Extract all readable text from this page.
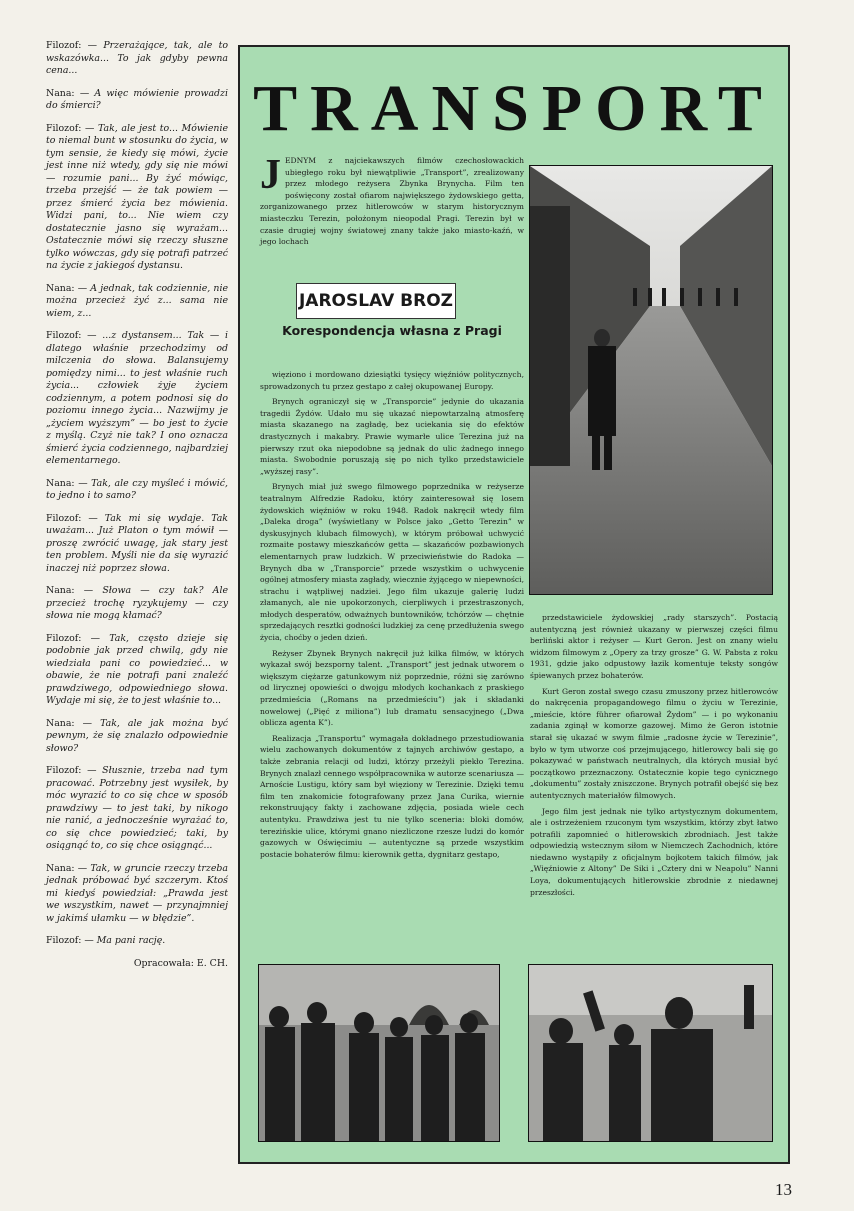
Filozof: — Przerażające, tak, ale to wskazówka... To jak gdyby pewna cena...

Nana: — A więc mówienie prowadzi do śmierci?

Filozof: — Tak, ale jest to... Mówienie to niemal bunt w stosunku do życia, w tym sensie, że kiedy się mówi, życie jest inne niż wtedy, gdy się nie mówi — rozumie pani... By żyć mówiąc, trzeba przejść — że tak powiem — przez śmierć życia bez mówienia. Widzi pani, to... Nie wiem czy dostatecznie jasno się wyrażam... Ostatecznie mówi się rzeczy słuszne tylko wówczas, gdy się potrafi patrzeć na życie z jakiegoś dystansu.

Nana: — A jednak, tak codziennie, nie można przecież żyć z... sama nie wiem, z...

Filozof: — ...z dystansem... Tak — i dlatego właśnie przechodzimy od milczenia do słowa. Balansujemy pomiędzy nimi... to jest właśnie ruch życia... człowiek żyje życiem codziennym, a potem podnosi się do poziomu innego życia... Nazwijmy je „życiem wyższym” — bo jest to życie z myślą. Czyż nie tak? I ono oznacza śmierć życia codziennego, najbardziej elementarnego.

Nana: — Tak, ale czy myśleć i mówić, to jedno i to samo?

Filozof: — Tak mi się wydaje. Tak uważam... Już Platon o tym mówił — proszę zwrócić uwagę, jak stary jest ten problem. Myśli nie da się wyrazić inaczej niż poprzez słowa.

Nana: — Słowa — czy tak? Ale przecież trochę ryzykujemy — czy słowa nie mogą kłamać?

Filozof: — Tak, często dzieje się podobnie jak przed chwilą, gdy nie wiedziała pani co powiedzieć... w obawie, że nie potrafi pani znaleźć prawdziwego, odpowiedniego słowa. Wydaje mi się, że to jest właśnie to...

Nana: — Tak, ale jak można być pewnym, że się znalazło odpowiednie słowo?

Filozof: — Słusznie, trzeba nad tym pracować. Potrzebny jest wysiłek, by móc wyrazić to co się chce w sposób prawdziwy — to jest taki, by nikogo nie ranić, a jednocześnie wyrażać to, co się chce powiedzieć; taki, by osiągnąć to, co się chce osiągnąć...

Nana: — Tak, w gruncie rzeczy trzeba jednak próbować być szczerym. Ktoś mi kiedyś powiedział: „Prawda jest we wszystkim, nawet — przynajmniej w jakimś ułamku — w błędzie”.

Filozof: — Ma pani rację.

Opracowała: E. CH.
TRANSPORT
JEDNYM z najciekawszych filmów czechosłowackich ubiegłego roku był niewątpliwie „Transport”, zrealizowany przez młodego reżysera Zbynka Brynycha. Film ten poświęcony został ofiarom największego żydowskiego getta, zorganizowanego przez hitlerowców w starym historycznym miasteczku Terezin, położonym nieopodal Pragi. Terezin był w czasie drugiej wojny światowej znany także jako miasto-kaźń, w jego lochach
JAROSLAV BROZ
Korespondencja własna z Pragi

więziono i mordowano dziesiątki tysięcy więźniów politycznych, sprowadzonych tu przez gestapo z całej okupowanej Europy.

Brynych ograniczył się w „Transporcie” jedynie do ukazania tragedii Żydów. Udało mu się ukazać niepowtarzalną atmosferę miasta skazanego na zagładę, bez uciekania się do efektów drastycznych i makabry. Prawie wymarłe ulice Terezina już na pierwszy rzut oka niepodobne są jednak do ulic żadnego innego miasta. Swobodnie poruszają się po nich tylko przedstawiciele „wyższej rasy”.

Brynych miał już swego filmowego poprzednika w reżyserze teatralnym Alfredzie Radoku, który zainteresował się losem żydowskich więźniów w roku 1948. Radok nakręcił wtedy film „Daleka droga” (wyświetlany w Polsce jako „Getto Terezin” w dyskusyjnych klubach filmowych), w którym próbował uchwycić rozmaite postawy mieszkańców getta — skazańców pozbawionych elementarnych praw ludzkich. W przeciwieństwie do Radoka — Brynych dba w „Transporcie” przede wszystkim o uchwycenie ogólnej atmosfery miasta zagłady, wiecznie żyjącego w niepewności, strachu i wątpliwej nadziei. Jego film ukazuje galerię ludzi złamanych, ale nie upokorzonych, cierpliwych i przestraszonych, młodych desperatów, odważnych buntowników, tchórzów — chętnie sprzedających resztki godności ludzkiej za cenę przedłużenia swego życia, choćby o jeden dzień.

Reżyser Zbynek Brynych nakręcił już kilka filmów, w których wykazał swój bezsporny talent. „Transport” jest jednak utworem o większym ciężarze gatunkowym niż poprzednie, różni się zarówno od lirycznej opowieści o dwojgu młodych kochankach z praskiego przedmieścia („Romans na przedmieściu”) jak i składanki nowelowej („Pięć z miliona”) lub dramatu sensacyjnego („Dwa oblicza agenta K”).

Realizacja „Transportu” wymagała dokładnego przestudiowania wielu zachowanych dokumentów z tajnych archiwów gestapo, a także zebrania relacji od ludzi, którzy przeżyli piekło Terezina. Brynych znalazł cennego współpracownika w autorze scenariusza — Arnoście Lustigu, który sam był więziony w Terezinie. Dzięki temu film ten znakomicie fotografowany przez Jana Curika, wiernie rekonstruujący fakty i zachowane zdjęcia, posiada wiele cech autentyku. Prawdziwa jest tu nie tylko sceneria: bloki domów, terezińskie ulice, którymi gnano niezliczone rzesze ludzi do komór gazowych w Oświęcimiu — autentyczne są przede wszystkim postacie bohaterów filmu: kierownik getta, dygnitarz gestapo,

przedstawiciele żydowskiej „rady starszych”. Postacią autentyczną jest również ukazany w pierwszej części filmu berliński aktor i reżyser — Kurt Geron. Jest on znany wielu widzom filmowym z „Opery za trzy grosze” G. W. Pabsta z roku 1931, gdzie jako odpustowy łazik komentuje teksty songów śpiewanych przez bohaterów.

Kurt Geron został swego czasu zmuszony przez hitlerowców do nakręcenia propagandowego filmu o życiu w Terezinie, „mieście, które führer ofiarował Żydom” — i po wykonaniu zadania zginął w komorze gazowej. Mimo że Geron istotnie starał się ukazać w swym filmie „radosne życie w Terezinie”, było w tym utworze coś przejmującego, hitlerowcy bali się go pokazywać w państwach neutralnych, dla których musiał być początkowo przeznaczony. Ostatecznie kopie tego cynicznego „dokumentu” zostały zniszczone. Brynych potrafił obejść się bez autentycznych materiałów filmowych.

Jego film jest jednak nie tylko artystycznym dokumentem, ale i ostrzeżeniem rzuconym tym wszystkim, którzy zbyt łatwo potrafili zapomnieć o hitlerowskich zbrodniach. Jest także odpowiedzią wstecznym siłom w Niemczech Zachodnich, które niedawno wystąpiły z oficjalnym bojkotem takich filmów, jak „Więźniowie z Altony” De Siki i „Cztery dni w Neapolu” Nanni Loya, dokumentujących hitlerowskie zbrodnie z niedawnej przeszłości.

13
